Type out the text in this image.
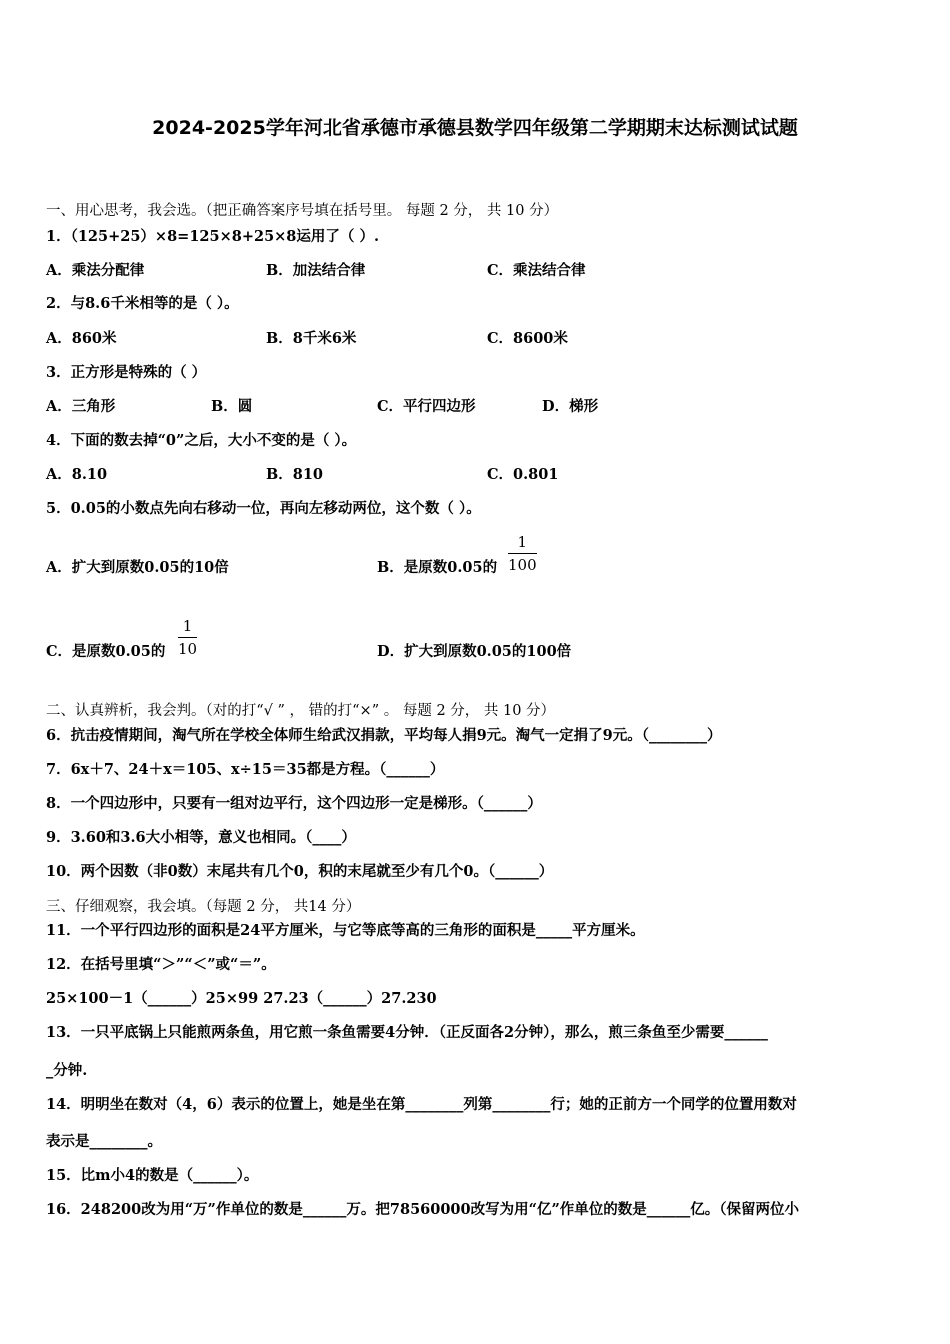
2024-2025学年河北省承德市承德县数学四年级第二学期期末达标测试试题
一、用心思考，我会选。（把正确答案序号填在括号里。 每题 2 分， 共 10 分）
1．（125+25）×8=125×8+25×8运用了（ ）.
A．乘法分配律	B．加法结合律	C．乘法结合律
2．与8.6千米相等的是（ ）。
A．860米	B．8千米6米	C．8600米
3．正方形是特殊的（ ）
A．三角形	B．圆	C．平行四边形	D．梯形
4．下面的数去掉“0”之后，大小不变的是（ ）。
A．8.10	B．810	C．0.801
5．0.05的小数点先向右移动一位，再向左移动两位，这个数（ ）。
A．扩大到原数0.05的10倍	B．是原数0.05的 $\frac{1}{100}$
C．是原数0.05的 $\frac{1}{10}$	D．扩大到原数0.05的100倍
二、认真辨析，我会判。（对的打“√ ” ， 错的打“×” 。 每题 2 分， 共 10 分）
6．抗击疫情期间，淘气所在学校全体师生给武汉捐款，平均每人捐9元。淘气一定捐了9元。（________）
7．6x＋7、24＋x＝105、x÷15＝35都是方程。（______）
8．一个四边形中，只要有一组对边平行，这个四边形一定是梯形。（______）
9．3.60和3.6大小相等，意义也相同。（____）
10．两个因数（非0数）末尾共有几个0，积的末尾就至少有几个0。（______）
三、仔细观察，我会填。（每题 2 分， 共14 分）
11．一个平行四边形的面积是24平方厘米，与它等底等高的三角形的面积是_____平方厘米。
12．在括号里填“＞”“＜”或“＝”。
25×100－1（______）25×99 27.23（______）27.230
13．一只平底锅上只能煎两条鱼，用它煎一条鱼需要4分钟．（正反面各2分钟），那么，煎三条鱼至少需要______
_分钟.
14．明明坐在数对（4，6）表示的位置上，她是坐在第________列第________行；她的正前方一个同学的位置用数对
表示是________。
15．比m小4的数是（______）。
16．248200改为用“万”作单位的数是______万。把78560000改写为用“亿”作单位的数是______亿。（保留两位小
